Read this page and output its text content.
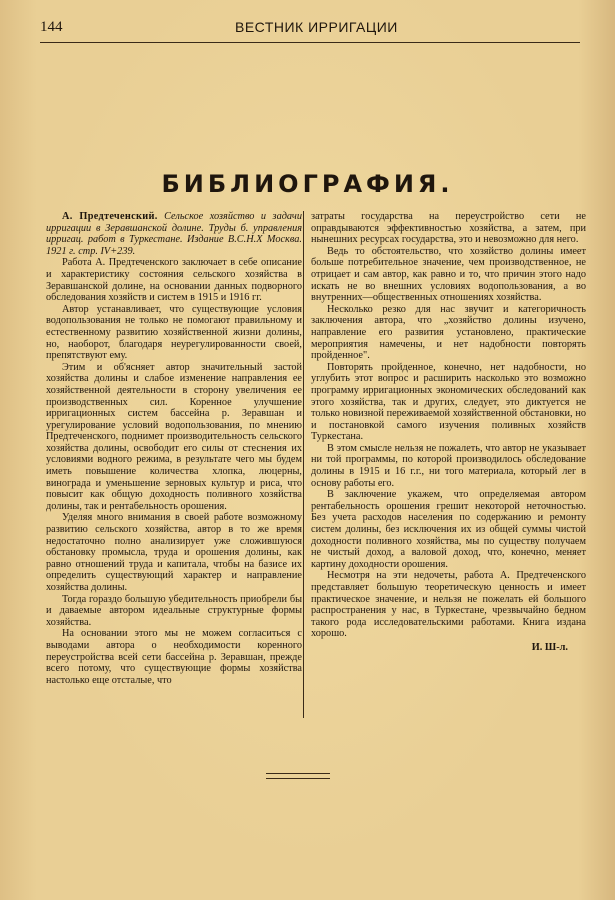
144	ВЕСТНИК ИРРИГАЦИИ
БИБЛИОГРАФИЯ.

А. Предтеченский. Сельское хозяйство и задачи ирригации в Зеравшанской долине. Труды б. управления ирригац. работ в Туркестане. Издание В.С.Н.Х Москва. 1921 г. стр. IV+239.

Работа А. Предтеченского заключает в себе описание и характеристику состояния сельского хозяйства в Зеравшанской долине, на основании данных подворного обследования хозяйств и систем в 1915 и 1916 гг.

Автор устанавливает, что существующие условия водопользования не только не помогают правильному и естественному развитию хозяйственной жизни долины, но, наоборот, благодаря неурегулированности своей, препятствуют ему.

Этим и об'ясняет автор значительный застой хозяйства долины и слабое изменение направления ее хозяйственной деятельности в сторону увеличения ее производственных сил. Коренное улучшение ирригационных систем бассейна р. Зеравшан и урегулирование условий водопользования, по мнению Предтеченского, поднимет производительность сельского хозяйства долины, освободит его силы от стеснения их условиями водного режима, в результате чего мы будем иметь повышение количества хлопка, люцерны, винограда и уменьшение зерновых культур и риса, что повысит как общую доходность поливного хозяйства долины, так и рентабельность орошения.

Уделяя много внимания в своей работе возможному развитию сельского хозяйства, автор в то же время недостаточно полно анализирует уже сложившуюся обстановку промысла, труда и орошения долины, как равно отношений труда и капитала, чтобы на базисе их определить существующий характер и направление хозяйства долины.

Тогда гораздо большую убедительность приобрели бы и даваемые автором идеальные структурные формы хозяйства.

На основании этого мы не можем согласиться с выводами автора о необходимости коренного переустройства всей сети бассейна р. Зеравшан, прежде всего потому, что существующие формы хозяйства настолько еще отсталые, что

затраты государства на переустройство сети не оправдываются эффективностью хозяйства, а затем, при нынешних ресурсах государства, это и невозможно для него.

Ведь то обстоятельство, что хозяйство долины имеет больше потребительное значение, чем производственное, не отрицает и сам автор, как равно и то, что причин этого надо искать не во внешних условиях водопользования, а во внутренних—общественных отношениях хозяйства.

Несколько резко для нас звучит и категоричность заключения автора, что „хозяйство долины изучено, направление его развития установлено, практические мероприятия намечены, и нет надобности повторять пройденное".

Повторять пройденное, конечно, нет надобности, но углубить этот вопрос и расширить насколько это возможно программу ирригационных экономических обследований как этого хозяйства, так и других, следует, это диктуется не только новизной переживаемой хозяйственной обстановки, но и постановкой самого изучения поливных хозяйств Туркестана.

В этом смысле нельзя не пожалеть, что автор не указывает ни той программы, по которой производилось обследование долины в 1915 и 16 г.г., ни того материала, который лег в основу работы его.

В заключение укажем, что определяемая автором рентабельность орошения грешит некоторой неточностью. Без учета расходов населения по содержанию и ремонту систем долины, без исключения их из общей суммы чистой доходности поливного хозяйства, мы по существу получаем не чистый доход, а валовой доход, что, конечно, меняет картину доходности орошения.

Несмотря на эти недочеты, работа А. Предтеченского представляет большую теоретическую ценность и имеет практическое значение, и нельзя не пожелать ей большого распространения у нас, в Туркестане, чрезвычайно бедном такого рода исследовательскими работами. Книга издана хорошо.

И. Ш-л.
